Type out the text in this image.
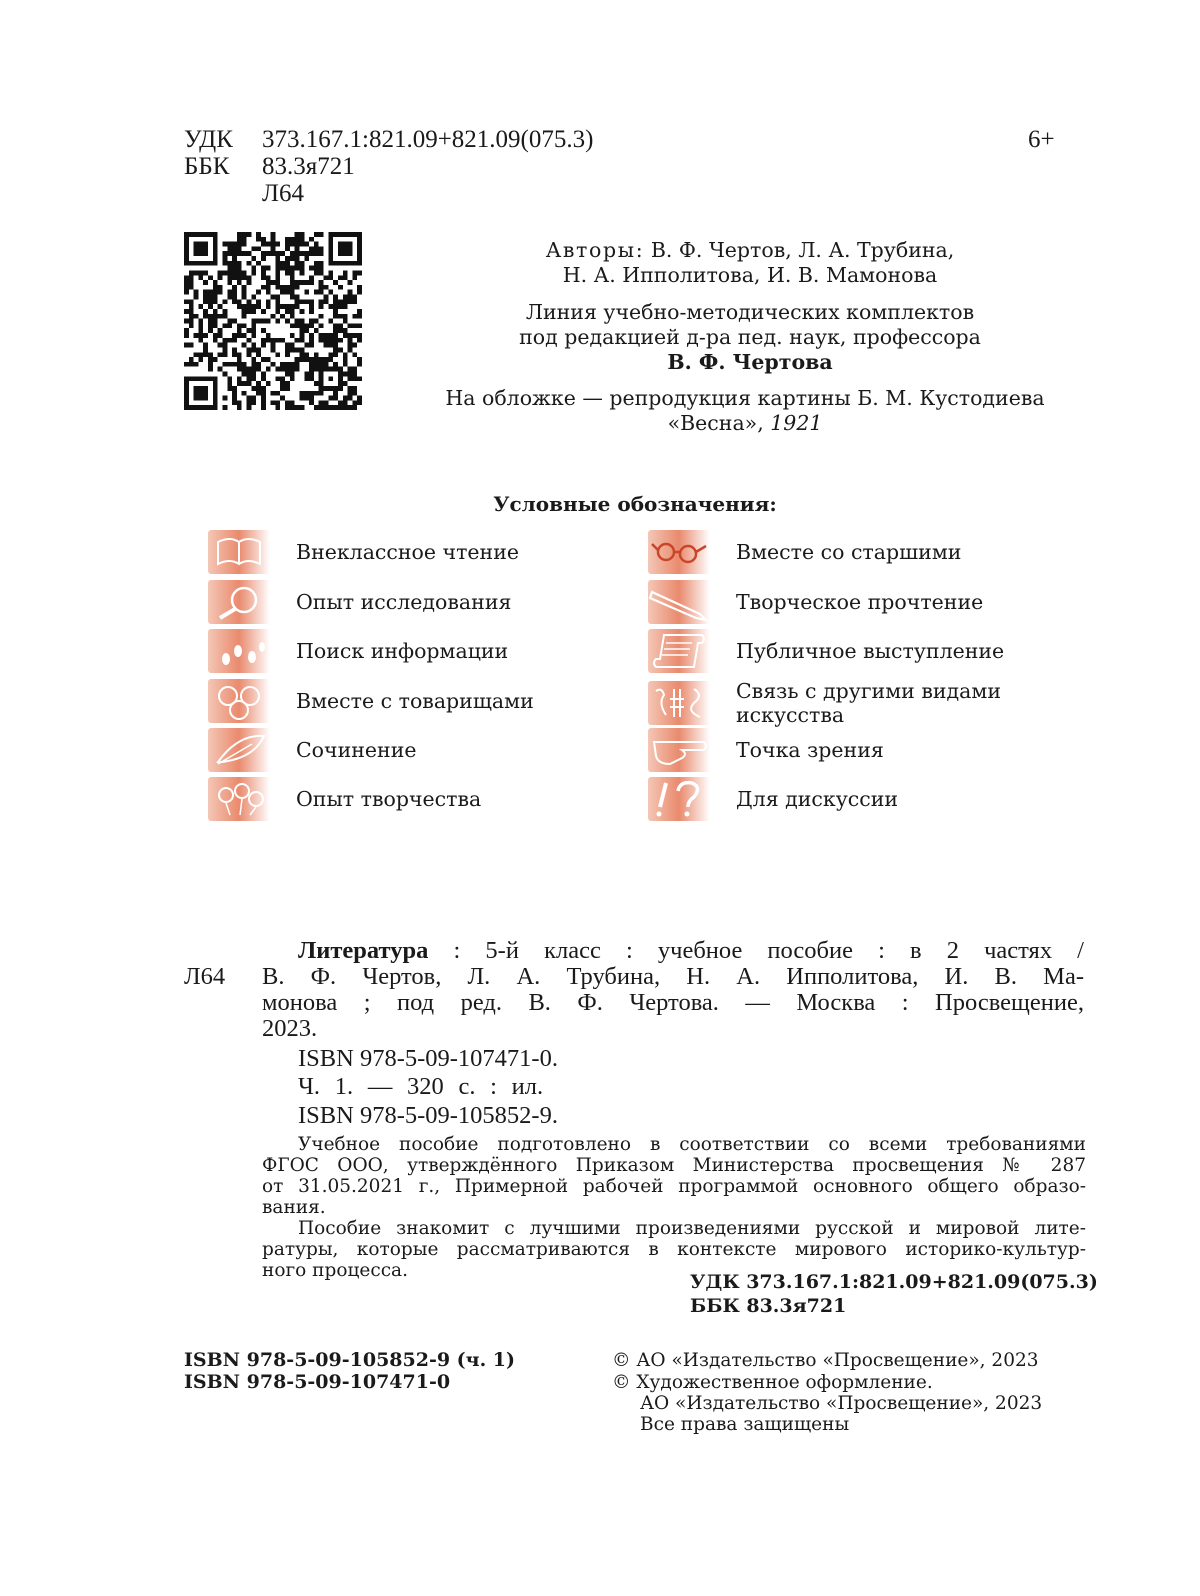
УДК 373.167.1:821.09+821.09(075.3)
ББК 83.3я721
Л64
6+
Авторы: В. Ф. Чертов, Л. А. Трубина,
Н. А. Ипполитова, И. В. Мамонова
Линия учебно-методических комплектов
под редакцией д-ра пед. наук, профессора
В. Ф. Чертова
На обложке — репродукция картины Б. М. Кустодиева
«Весна», 1921
Условные обозначения:
Внеклассное чтение
Опыт исследования
Поиск информации
Вместе с товарищами
Сочинение
Опыт творчества
Вместе со старшими
Творческое прочтение
Публичное выступление
Связь с другими видами искусства
Точка зрения
Для дискуссии
Л64
Литература : 5-й класс : учебное пособие : в 2 частях /
В. Ф. Чертов, Л. А. Трубина, Н. А. Ипполитова, И. В. Ма-
монова ; под ред. В. Ф. Чертова. — Москва : Просвещение,
2023.
ISBN 978-5-09-107471-0.
Ч. 1. — 320 с. : ил.
ISBN 978-5-09-105852-9.
Учебное пособие подготовлено в соответствии со всеми требованиями
ФГОС ООО, утверждённого Приказом Министерства просвещения № 287
от 31.05.2021 г., Примерной рабочей программой основного общего образо-
вания.
Пособие знакомит с лучшими произведениями русской и мировой лите-
ратуры, которые рассматриваются в контексте мирового историко-культур-
ного процесса.
УДК 373.167.1:821.09+821.09(075.3)
ББК 83.3я721
ISBN 978-5-09-105852-9 (ч. 1)
ISBN 978-5-09-107471-0
© АО «Издательство «Просвещение», 2023
© Художественное оформление.
АО «Издательство «Просвещение», 2023
Все права защищены
